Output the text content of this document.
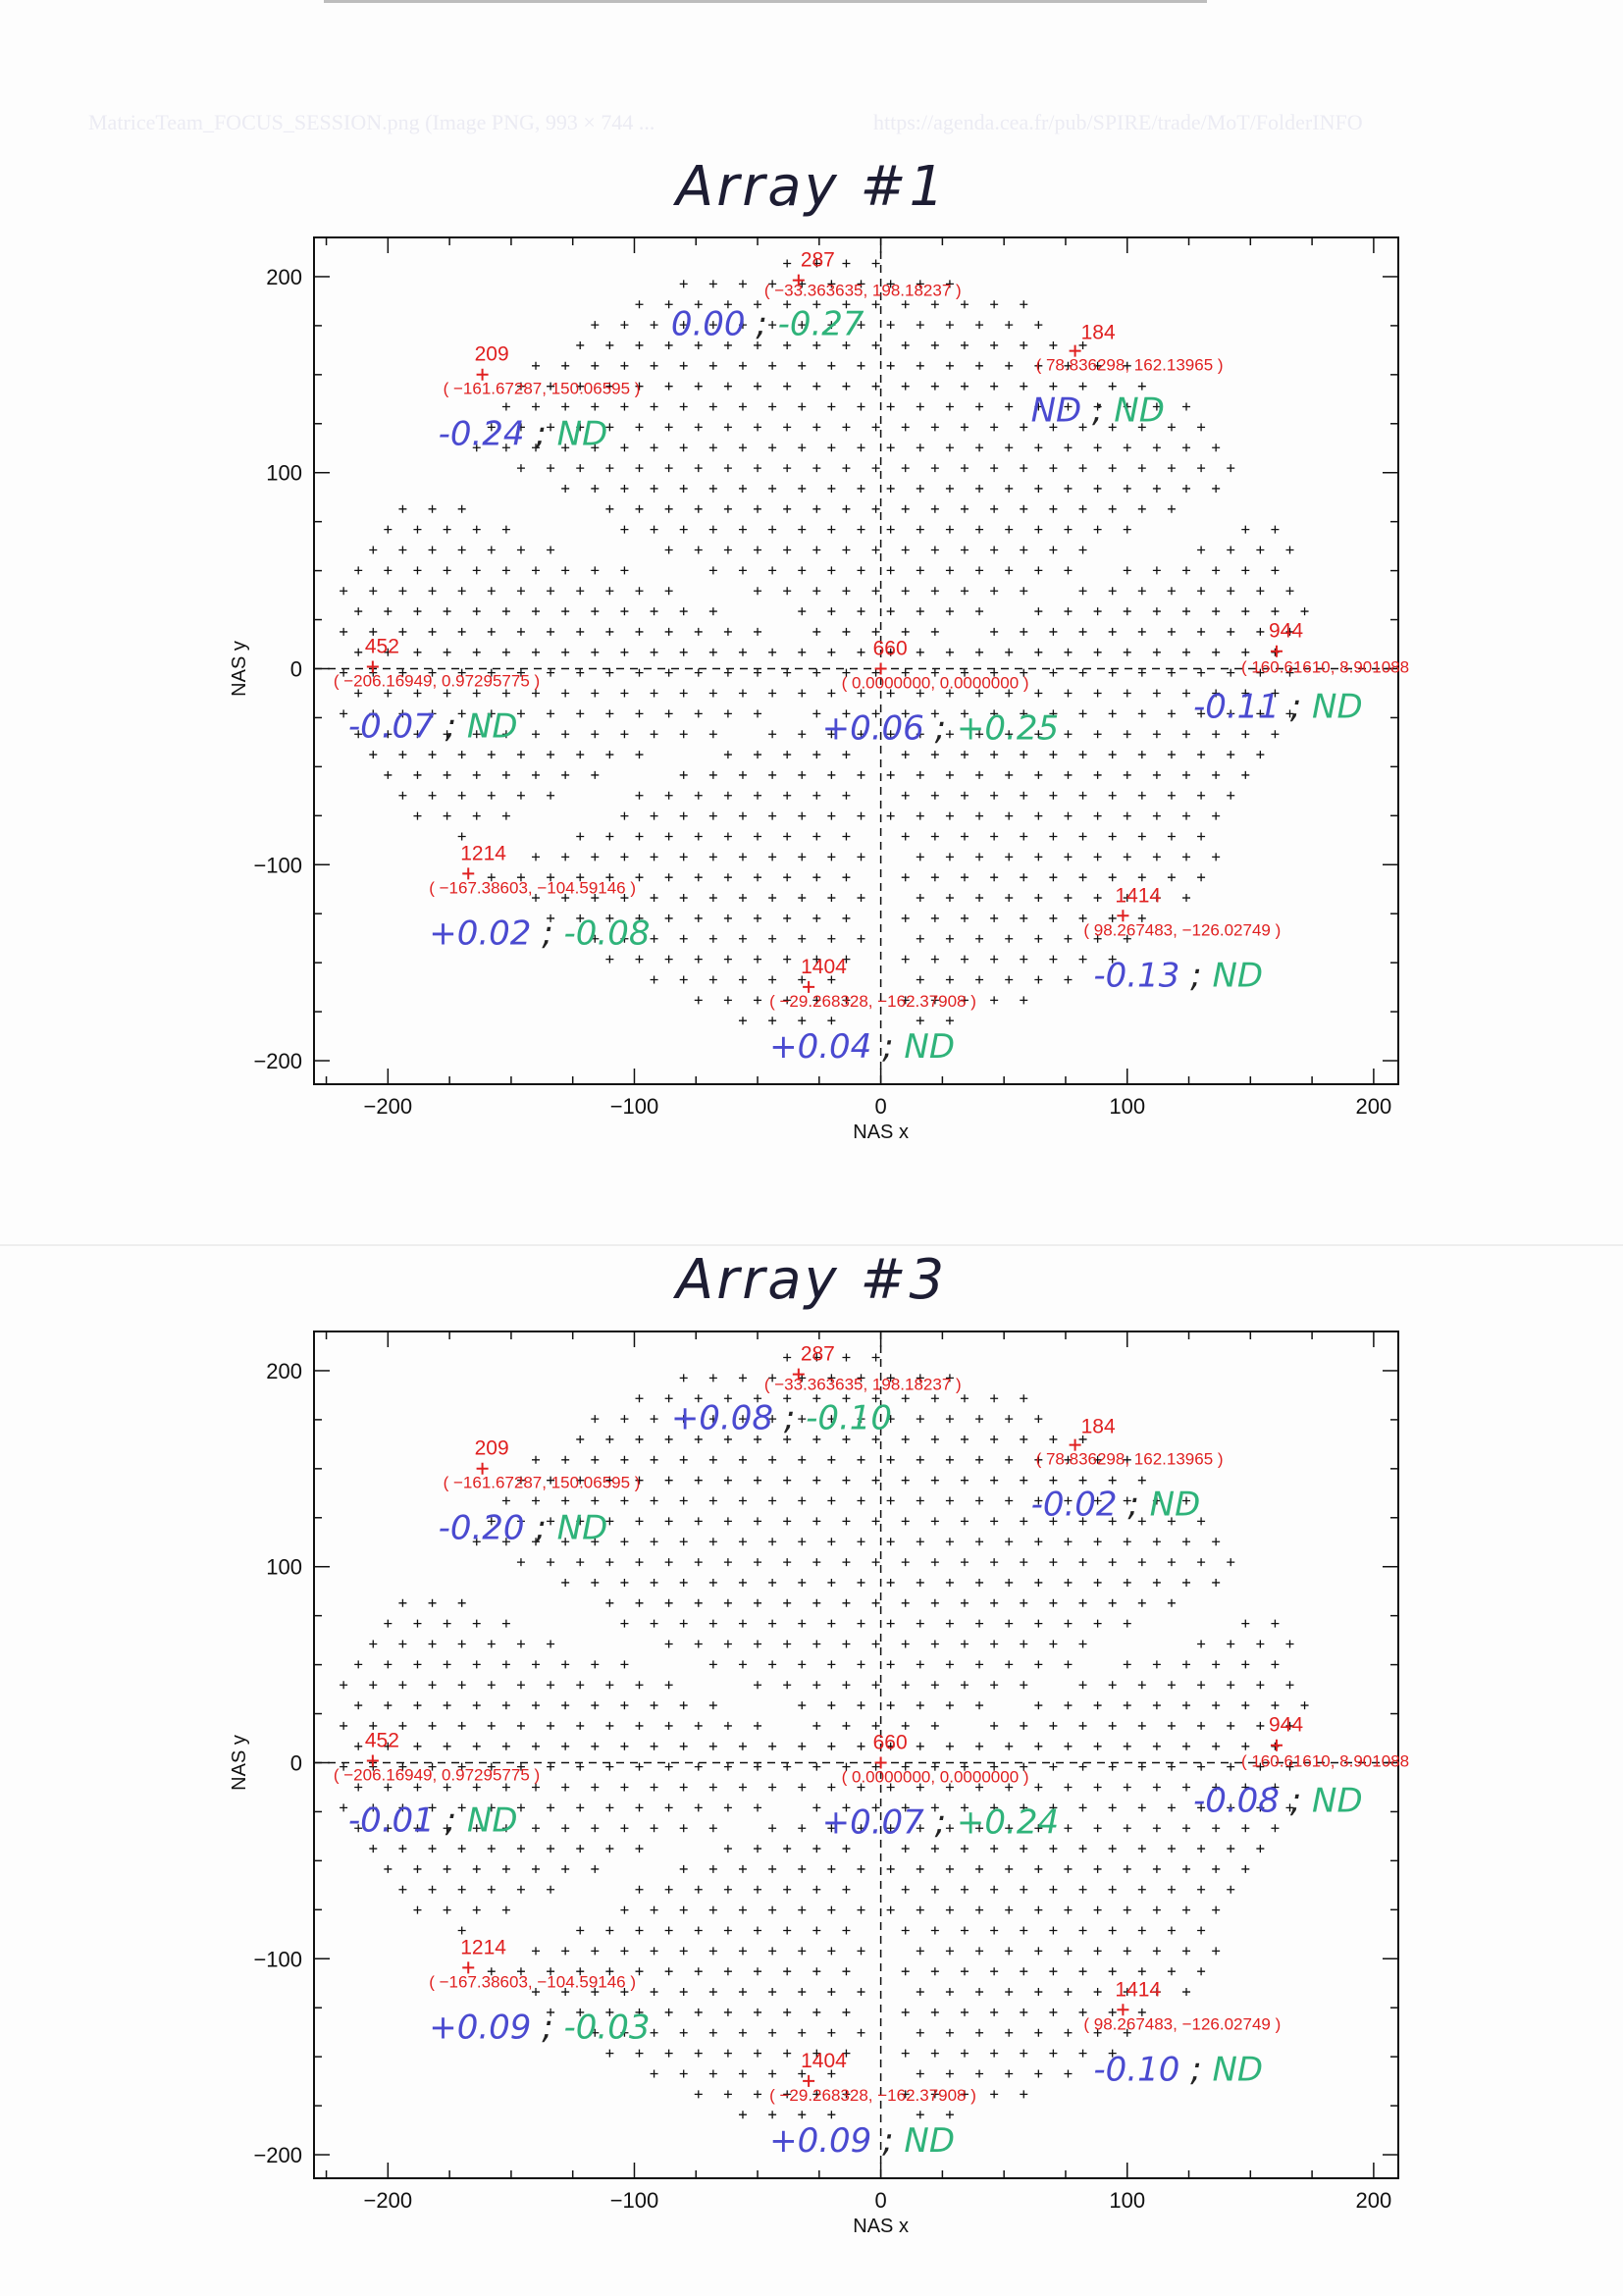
MatriceTeam_FOCUS_SESSION.png (Image PNG, 993 × 744 ...	https://agenda.cea.fr/pub/SPIRE/trade/MoT/FolderINFO
Array #1
−200	−100	0	100	200
−200
−100
0
100
200
NAS x
NAS y
287
( −33.363635, 198.18237 )
0.00 ; -0.27	184
( 78.836298, 162.13965 )
ND ; ND
209
( −161.67287, 150.06595 )
-0.24 ; ND
944
( 160.61610, 8.901088
-0.11 ; ND
452
( −206.16949, 0.97295775 )
-0.07 ; ND
660
( 0.0000000, 0.0000000 )
+0.06 ; +0.25
1214
( −167.38603, −104.59146 )
+0.02 ; -0.08
1414
( 98.267483, −126.02749 )
-0.13 ; ND
1404
( −29.268328, −162.37908 )
+0.04 ; ND
Array #3
−200	−100	0	100	200
−200
−100
0
100
200
NAS x
NAS y
287
( −33.363635, 198.18237 )
+0.08 ; -0.10	184
( 78.836298, 162.13965 )
-0.02 ; ND
209
( −161.67287, 150.06595 )
-0.20 ; ND
944
( 160.61610, 8.901088
-0.08 ; ND
452
( −206.16949, 0.97295775 )
-0.01 ; ND
660
( 0.0000000, 0.0000000 )
+0.07 ; +0.24
1214
( −167.38603, −104.59146 )
+0.09 ; -0.03
1414
( 98.267483, −126.02749 )
-0.10 ; ND
1404
( −29.268328, −162.37908 )
+0.09 ; ND
